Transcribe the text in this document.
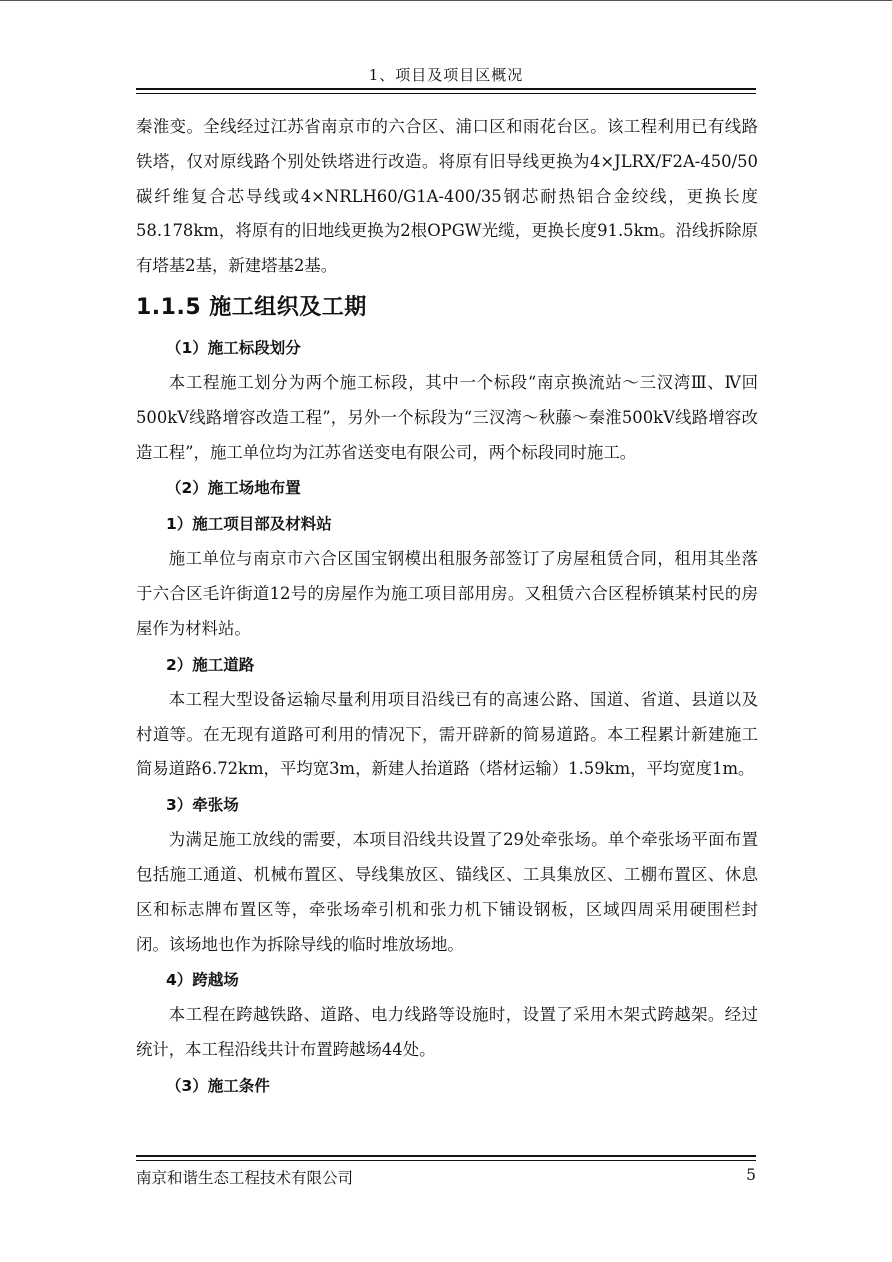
1、项目及项目区概况

秦淮变。全线经过江苏省南京市的六合区、浦口区和雨花台区。该工程利用已有线路铁塔，仅对原线路个别处铁塔进行改造。将原有旧导线更换为4×JLRX/F2A-450/50碳纤维复合芯导线或4×NRLH60/G1A-400/35钢芯耐热铝合金绞线，更换长度58.178km，将原有的旧地线更换为2根OPGW光缆，更换长度91.5km。沿线拆除原有塔基2基，新建塔基2基。

1.1.5 施工组织及工期
（1）施工标段划分

本工程施工划分为两个施工标段，其中一个标段“南京换流站～三汊湾Ⅲ、Ⅳ回500kV线路增容改造工程”，另外一个标段为“三汊湾～秋藤～秦淮500kV线路增容改造工程”，施工单位均为江苏省送变电有限公司，两个标段同时施工。

（2）施工场地布置
1）施工项目部及材料站

施工单位与南京市六合区国宝钢模出租服务部签订了房屋租赁合同，租用其坐落于六合区毛许街道12号的房屋作为施工项目部用房。又租赁六合区程桥镇某村民的房屋作为材料站。

2）施工道路

本工程大型设备运输尽量利用项目沿线已有的高速公路、国道、省道、县道以及村道等。在无现有道路可利用的情况下，需开辟新的简易道路。本工程累计新建施工简易道路6.72km，平均宽3m，新建人抬道路（塔材运输）1.59km，平均宽度1m。

3）牵张场

为满足施工放线的需要，本项目沿线共设置了29处牵张场。单个牵张场平面布置包括施工通道、机械布置区、导线集放区、锚线区、工具集放区、工棚布置区、休息区和标志牌布置区等，牵张场牵引机和张力机下铺设钢板，区域四周采用硬围栏封闭。该场地也作为拆除导线的临时堆放场地。

4）跨越场

本工程在跨越铁路、道路、电力线路等设施时，设置了采用木架式跨越架。经过统计，本工程沿线共计布置跨越场44处。

（3）施工条件
南京和谐生态工程技术有限公司	5
